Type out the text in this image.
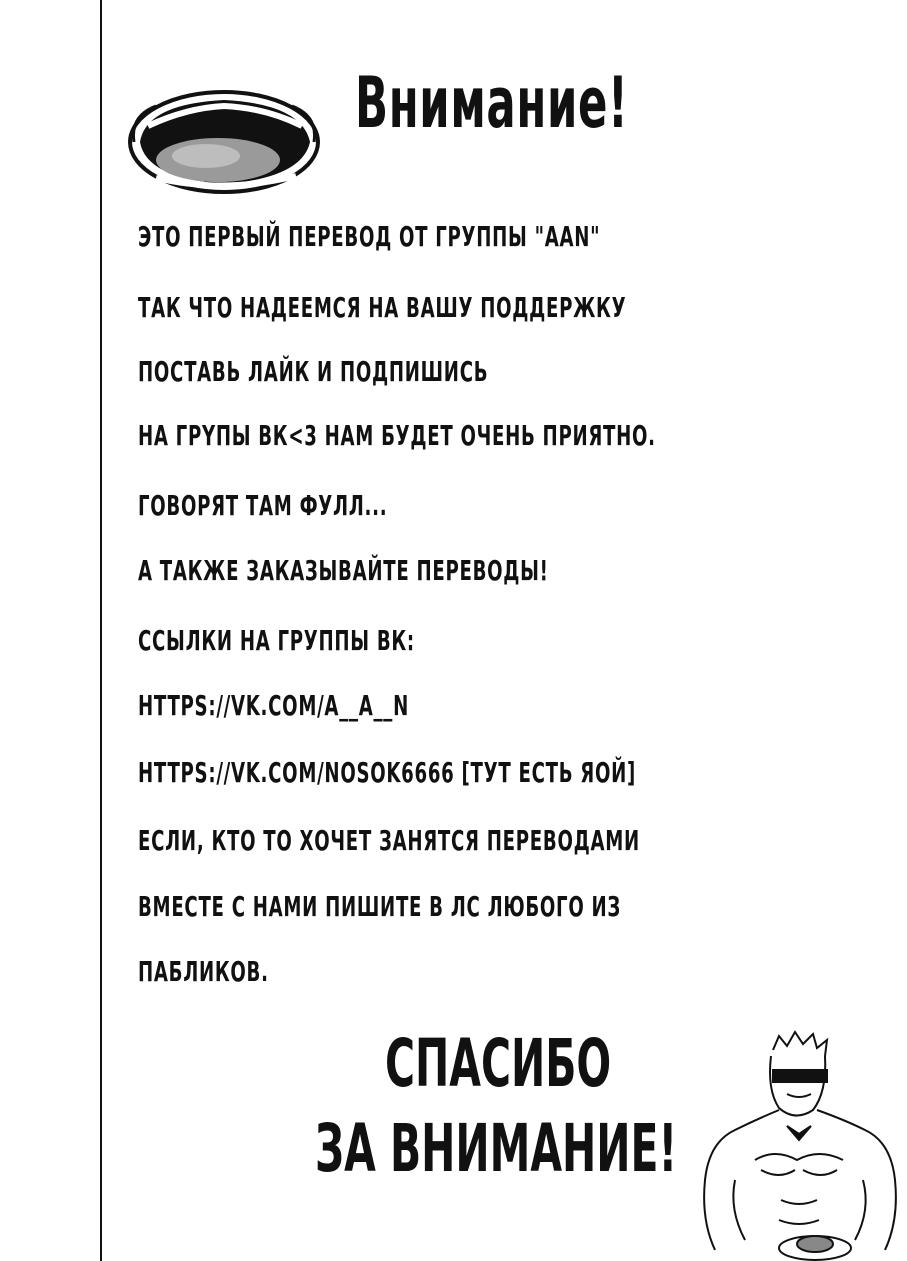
Внимание!
ЭТО ПЕРВЫЙ ПЕРЕВОД ОТ ГРУППЫ "AAN"
ТАК ЧТО НАДЕЕМСЯ НА ВАШУ ПОДДЕРЖКУ
ПОСТАВЬ ЛАЙК И ПОДПИШИСЬ
НА ГРYПЫ ВК<3 НАМ БУДЕТ ОЧЕНЬ ПРИЯТНО.
ГОВОРЯТ ТАМ ФУЛЛ...
А ТАКЖЕ ЗАКАЗЫВАЙТЕ ПЕРЕВОДЫ!
ССЫЛКИ НА ГРУППЫ ВК:
HTTPS://VK.COM/A__A__N
HTTPS://VK.COM/NOSOK6666 [ТУТ ЕСТЬ ЯОЙ]
ЕСЛИ, КТО ТО ХОЧЕТ ЗАНЯТСЯ ПЕРЕВОДАМИ
ВМЕСТЕ С НАМИ ПИШИТЕ В ЛС ЛЮБОГО ИЗ
ПАБЛИКОВ.
СПАСИБО
ЗА ВНИМАНИЕ!
